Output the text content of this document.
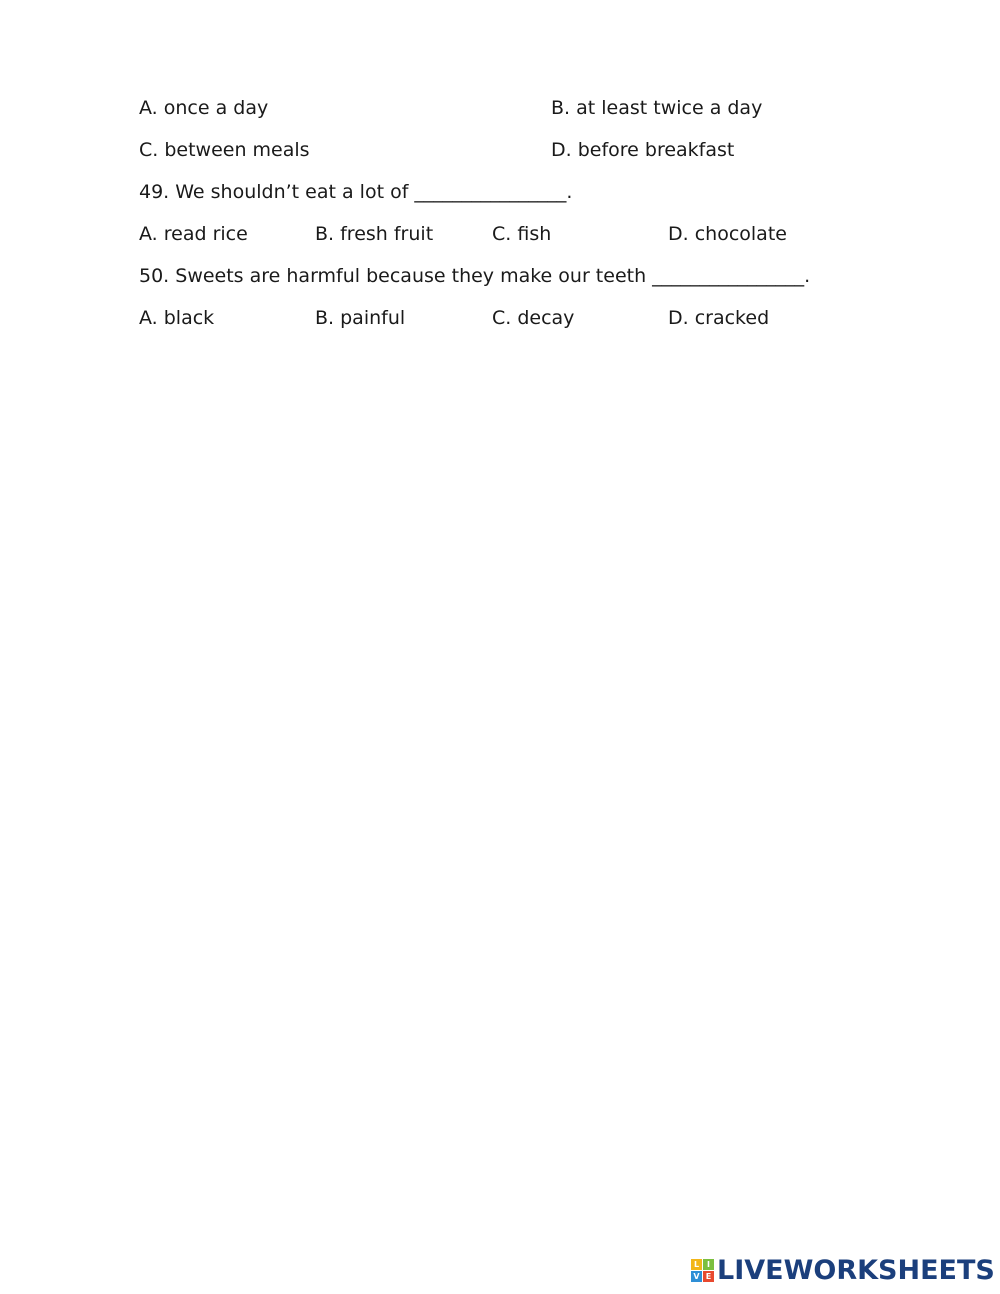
A. once a day	B. at least twice a day
C. between meals	D. before breakfast
49. We shouldn’t eat a lot of ________________.
A. read rice	B. fresh fruit	C. fish	D. chocolate
50. Sweets are harmful because they make our teeth ________________.
A. black	B. painful	C. decay	D. cracked
L I
V E LIVEWORKSHEETS
